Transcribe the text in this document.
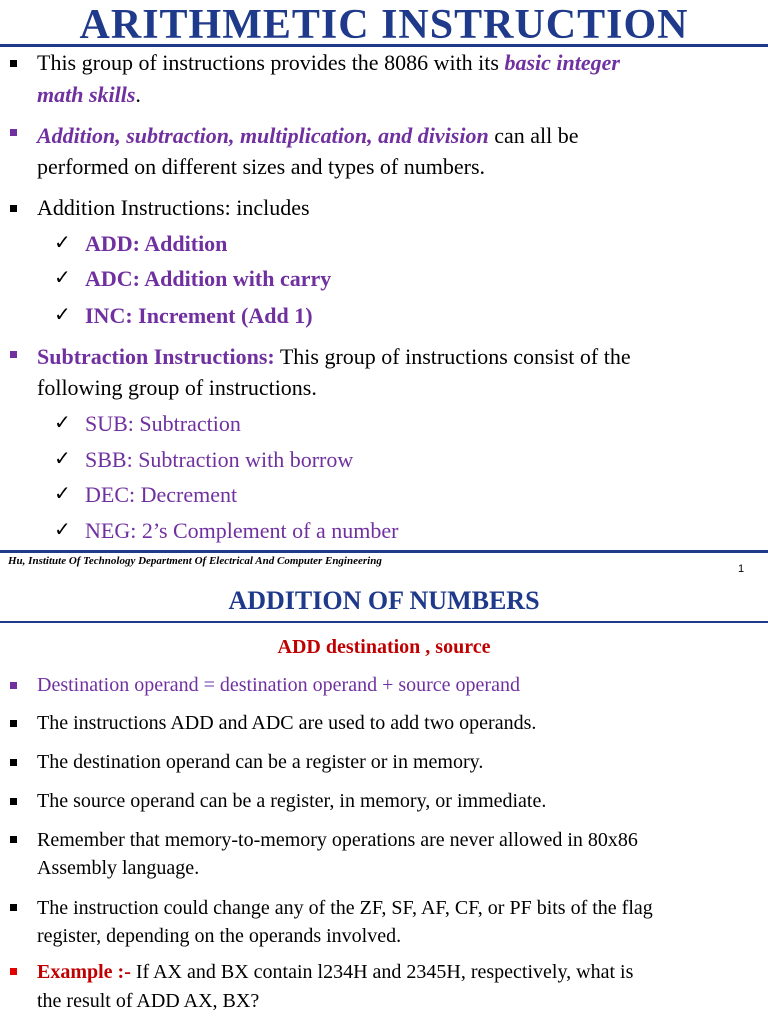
ARITHMETIC INSTRUCTION
This group of instructions provides the 8086 with its basic integer
math skills.
Addition, subtraction, multiplication, and division can all be
performed on different sizes and types of numbers.
Addition Instructions: includes
✓ ADD: Addition
✓ ADC: Addition with carry
✓ INC: Increment (Add 1)
Subtraction Instructions: This group of instructions consist of the
following group of instructions.
✓ SUB: Subtraction
✓ SBB: Subtraction with borrow
✓ DEC: Decrement
✓ NEG: 2’s Complement of a number
Hu, Institute Of Technology Department Of Electrical And Computer Engineering
1
ADDITION OF NUMBERS
ADD destination , source
Destination operand = destination operand + source operand
The instructions ADD and ADC are used to add two operands.
The destination operand can be a register or in memory.
The source operand can be a register, in memory, or immediate.
Remember that memory-to-memory operations are never allowed in 80x86
Assembly language.
The instruction could change any of the ZF, SF, AF, CF, or PF bits of the flag
register, depending on the operands involved.
Example :- If AX and BX contain l234H and 2345H, respectively, what is
the result of ADD AX, BX?
